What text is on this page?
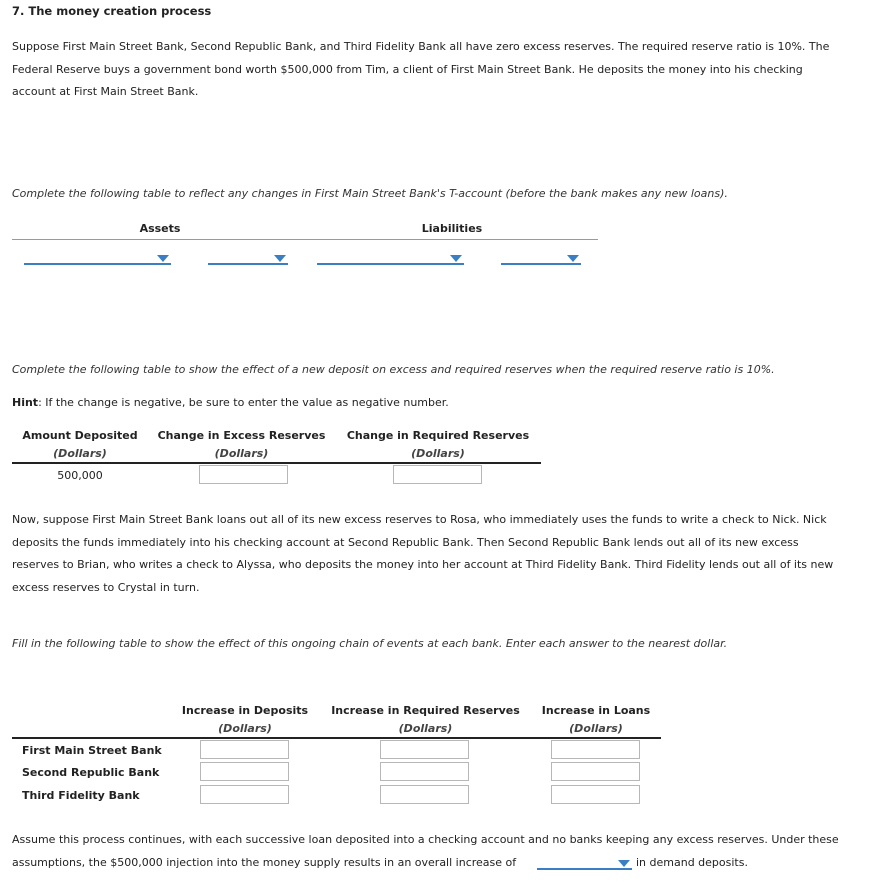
7. The money creation process
Suppose First Main Street Bank, Second Republic Bank, and Third Fidelity Bank all have zero excess reserves. The required reserve ratio is 10%. The
Federal Reserve buys a government bond worth $500,000 from Tim, a client of First Main Street Bank. He deposits the money into his checking
account at First Main Street Bank.
Complete the following table to reflect any changes in First Main Street Bank's T-account (before the bank makes any new loans).
Assets	Liabilities
Complete the following table to show the effect of a new deposit on excess and required reserves when the required reserve ratio is 10%.
Hint: If the change is negative, be sure to enter the value as negative number.
Amount Deposited
(Dollars)
Change in Excess Reserves
(Dollars)
Change in Required Reserves
(Dollars)
500,000
Now, suppose First Main Street Bank loans out all of its new excess reserves to Rosa, who immediately uses the funds to write a check to Nick. Nick
deposits the funds immediately into his checking account at Second Republic Bank. Then Second Republic Bank lends out all of its new excess
reserves to Brian, who writes a check to Alyssa, who deposits the money into her account at Third Fidelity Bank. Third Fidelity lends out all of its new
excess reserves to Crystal in turn.
Fill in the following table to show the effect of this ongoing chain of events at each bank. Enter each answer to the nearest dollar.
Increase in Deposits
(Dollars)
Increase in Required Reserves
(Dollars)
Increase in Loans
(Dollars)
First Main Street Bank
Second Republic Bank
Third Fidelity Bank
Assume this process continues, with each successive loan deposited into a checking account and no banks keeping any excess reserves. Under these
assumptions, the $500,000 injection into the money supply results in an overall increase of	in demand deposits.
